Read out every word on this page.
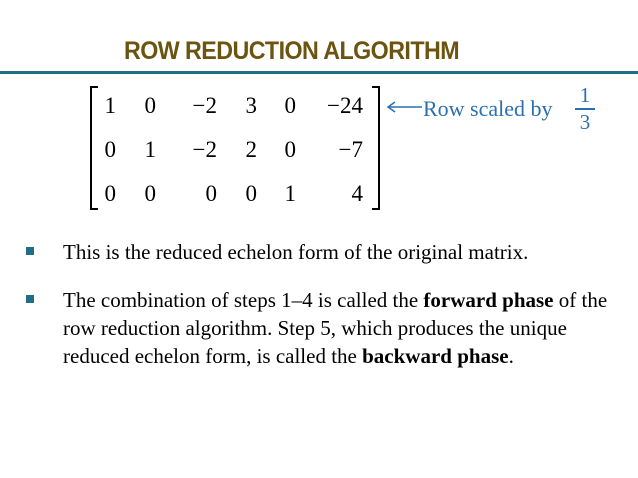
ROW REDUCTION ALGORITHM
1	0	−2	3	0	−24
0	1	−2	2	0	−7
0	0	0	0	1	4
Row scaled by
1
3
This is the reduced echelon form of the original matrix.
The combination of steps 1–4 is called the forward phase of the row reduction algorithm. Step 5, which produces the unique reduced echelon form, is called the backward phase.
